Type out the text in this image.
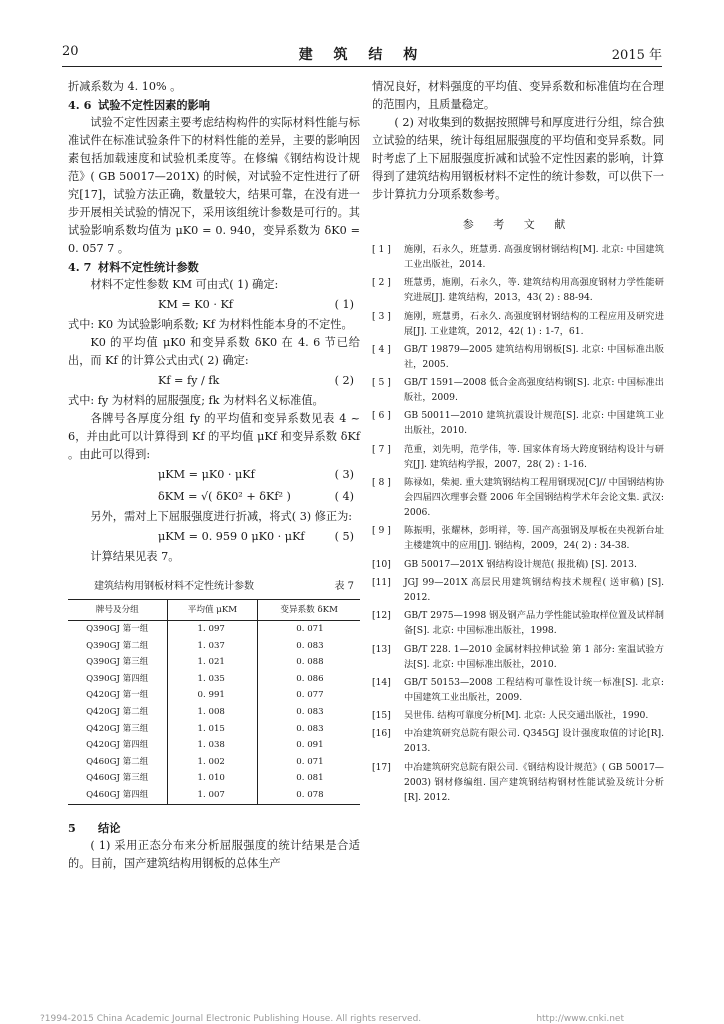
20	建 筑 结 构	2015 年

折减系数为 4. 10% 。

4. 6 试验不定性因素的影响

试验不定性因素主要考虑结构构件的实际材料性能与标准试件在标准试验条件下的材料性能的差异，主要的影响因素包括加载速度和试验机柔度等。在修编《钢结构设计规范》( GB 50017—201X) 的时候，对试验不定性进行了研究[17]，试验方法正确，数量较大，结果可靠，在没有进一步开展相关试验的情况下，采用该组统计参数是可行的。其试验影响系数均值为 μK0 = 0. 940，变异系数为 δK0 = 0. 057 7 。

4. 7 材料不定性统计参数

材料不定性参数 KM 可由式( 1) 确定:

KM = K0 · Kf	( 1)

式中: K0 为试验影响系数; Kf 为材料性能本身的不定性。

K0 的平均值 μK0 和变异系数 δK0 在 4. 6 节已给出，而 Kf 的计算公式由式( 2) 确定:

Kf = fy / fk	( 2)

式中: fy 为材料的屈服强度; fk 为材料名义标准值。

各牌号各厚度分组 fy 的平均值和变异系数见表 4 ~ 6，并由此可以计算得到 Kf 的平均值 μKf 和变异系数 δKf 。由此可以得到:

μKM = μK0 · μKf	( 3)
δKM = √( δK0² + δKf² )	( 4)

另外，需对上下屈服强度进行折减，将式( 3) 修正为:

μKM = 0. 959 0 μK0 · μKf	( 5)

计算结果见表 7。

建筑结构用钢板材料不定性统计参数	表 7
牌号及分组	平均值 μKM	变异系数 δKM
Q390GJ 第一组	1. 097	0. 071
Q390GJ 第二组	1. 037	0. 083
Q390GJ 第三组	1. 021	0. 088
Q390GJ 第四组	1. 035	0. 086
Q420GJ 第一组	0. 991	0. 077
Q420GJ 第二组	1. 008	0. 083
Q420GJ 第三组	1. 015	0. 083
Q420GJ 第四组	1. 038	0. 091
Q460GJ 第二组	1. 002	0. 071
Q460GJ 第三组	1. 010	0. 081
Q460GJ 第四组	1. 007	0. 078
5 结论

( 1) 采用正态分布来分析屈服强度的统计结果是合适的。目前，国产建筑结构用钢板的总体生产

情况良好，材料强度的平均值、变异系数和标准值均在合理的范围内，且质量稳定。

( 2) 对收集到的数据按照牌号和厚度进行分组，综合独立试验的结果，统计每组屈服强度的平均值和变异系数。同时考虑了上下屈服强度折减和试验不定性因素的影响，计算得到了建筑结构用钢板材料不定性的统计参数，可以供下一步计算抗力分项系数参考。

参 考 文 献
[ 1 ]	施刚，石永久，班慧勇. 高强度钢材钢结构[M]. 北京: 中国建筑工业出版社，2014.
[ 2 ]	班慧勇，施刚，石永久，等. 建筑结构用高强度钢材力学性能研究进展[J]. 建筑结构，2013，43( 2) : 88-94.
[ 3 ]	施刚，班慧勇，石永久. 高强度钢材钢结构的工程应用及研究进展[J]. 工业建筑，2012，42( 1) : 1-7，61.
[ 4 ]	GB/T 19879—2005 建筑结构用钢板[S]. 北京: 中国标准出版社，2005.
[ 5 ]	GB/T 1591—2008 低合金高强度结构钢[S]. 北京: 中国标准出版社，2009.
[ 6 ]	GB 50011—2010 建筑抗震设计规范[S]. 北京: 中国建筑工业出版社，2010.
[ 7 ]	范重，刘先明，范学伟，等. 国家体育场大跨度钢结构设计与研究[J]. 建筑结构学报，2007，28( 2) : 1-16.
[ 8 ]	陈禄如，柴昶. 重大建筑钢结构工程用钢现况[C]// 中国钢结构协会四届四次理事会暨 2006 年全国钢结构学术年会论文集. 武汉: 2006.
[ 9 ]	陈振明，张耀林，彭明祥，等. 国产高强钢及厚板在央视新台址主楼建筑中的应用[J]. 钢结构，2009，24( 2) : 34-38.
[10]	GB 50017—201X 钢结构设计规范( 报批稿) [S]. 2013.
[11]	JGJ 99—201X 高层民用建筑钢结构技术规程( 送审稿) [S]. 2012.
[12]	GB/T 2975—1998 钢及钢产品力学性能试验取样位置及试样制备[S]. 北京: 中国标准出版社，1998.
[13]	GB/T 228. 1—2010 金属材料拉伸试验 第 1 部分: 室温试验方法[S]. 北京: 中国标准出版社，2010.
[14]	GB/T 50153—2008 工程结构可靠性设计统一标准[S]. 北京: 中国建筑工业出版社，2009.
[15]	吴世伟. 结构可靠度分析[M]. 北京: 人民交通出版社，1990.
[16]	中冶建筑研究总院有限公司. Q345GJ 设计强度取值的讨论[R]. 2013.
[17]	中冶建筑研究总院有限公司.《钢结构设计规范》( GB 50017—2003) 钢材修编组. 国产建筑钢结构钢材性能试验及统计分析[R]. 2012.
?1994-2015 China Academic Journal Electronic Publishing House. All rights reserved.	http://www.cnki.net
